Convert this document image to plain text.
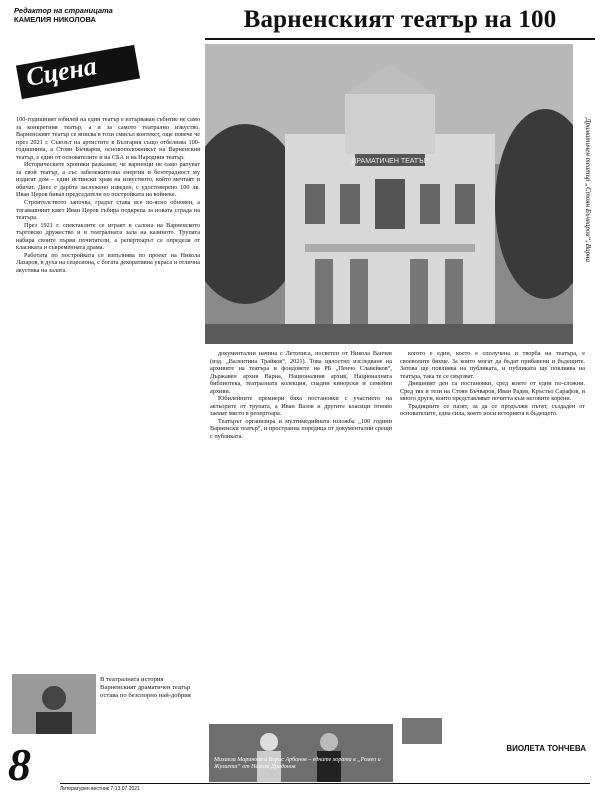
Редактор на страницата
КАМЕЛИЯ НИКОЛОВА	Варненският театър на 100
Сцена
ДРАМАТИЧЕН ТЕАТЪР	Драматичен театър „Стоян Бъчваров“, Варна

100-годишният юбилей на един театър е изтърваван събитие не само за конкретния театър, а и за самото театрално изкуство. Варненският театър се вписва в този смисъл контекст, още повече че през 2021 г. Съюзът на артистите в България също отбелязва 100-годишнина, а Стоян Бъчваров, основоположникът на Варненския театър, е един от основателите и на СБА и на Народния театър.

Историческите хроники разказват, че варненци не само рапуват за свой театър, а със забележителна енергия и безотрадност му издигат дом – един истински храм на изкуството, който мечтаят и обичат. Днес е дарбта заслужено изведен, с удостоверено 100 лв. Иван Церов бивал председатели по постройката на войнеке.

Строителството започва, градът става все по-ясно обновен, а тогавашният кмет Иван Церов събира подкрепа за новата сграда на театъра.

През 1921 г. спектаклите се играят в салона на Варненското търговско дружество и в театралната зала на казиното. Трупата набира своите първи почитатели, а репертоарът се определя от класиката и съвременната драма.

Работата по постройката се изпълнява по проект на Никола Лазаров, в духа на сецесиона, с богата декоративна украса и отлична акустика на залата.

документални начина с Летописа, посветен от Никола Ванчев (изд. „Валентина Трайков“, 2021). Това цялостно изследване на архивите на театъра и фондовете на РБ „Пенчо Славейков“, Държавен архив Варна, Националния архив, Националната библиотека, театралната колекция, спадни кинорски и семейни архиви.

Юбилейните премиери бяха постановки с участието на актьорите от трупата, а Иван Вазов и другите класици отново заемат място в репертоара.

Театърът организира и мултимедийната изложба „100 години Варненски театър“, и пространна поредица от документални срещи с публиката.

когото е един, което е сполучена и творба на театъра, е своеволите бяхме. За които могат да бъдат прибавени и бъдещите. Затова ще повлиява на публиката, и публиката ще повлиява на театъра, така те се свързват.

Днешният ден са постановки, сред които от едни по-сложни. Сред тях и тези на Стоян Бъчваров, Иван Радев, Кръстьо Сарафов, и много други, които представляват почитта към неговите корени.

Традициите се пазят, за да се продължи пътят, създаден от основателите, една сила, която носи историята в бъдещето.

В театралната история Варненският драматичен театър остава по безспорно най-добрия
Михаела Маринова и Борис Арбанов – едните хората в „Ромео и Жулиета“ от Никола Драдонов
ВИОЛЕТА ТОНЧЕВА
8	Литературен вестник 7-13.07.2021
